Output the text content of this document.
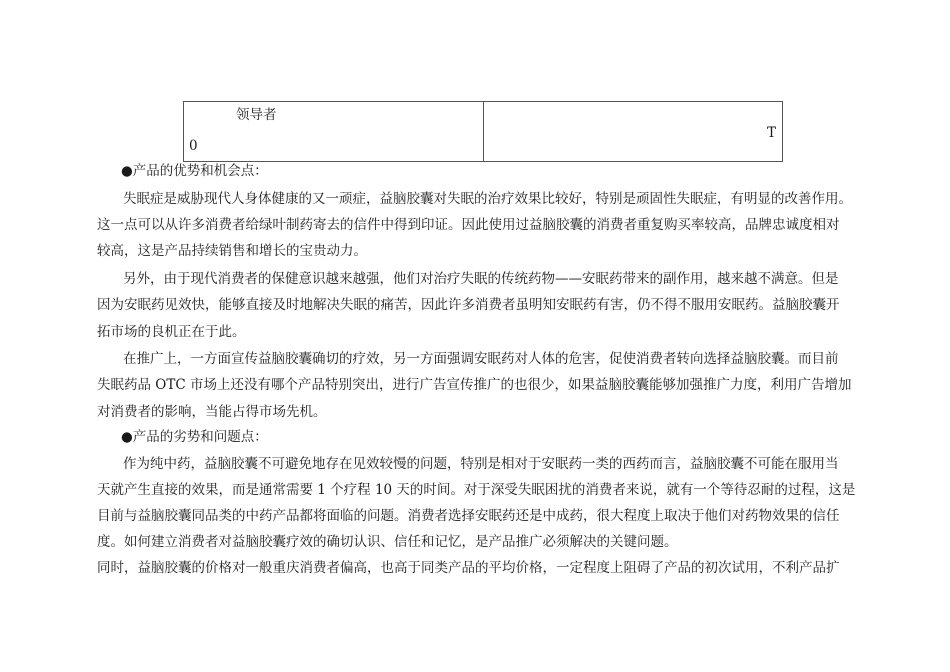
领导者
0
T
● 产品的优势和机会点：
失眠症是威胁现代人身体健康的又一顽症，益脑胶囊对失眠的治疗效果比较好，特别是顽固性失眠症，有明显的改善作用。
这一点可以从许多消费者给绿叶制药寄去的信件中得到印证。因此使用过益脑胶囊的消费者重复购买率较高，品牌忠诚度相对
较高，这是产品持续销售和增长的宝贵动力。
另外，由于现代消费者的保健意识越来越强，他们对治疗失眠的传统药物——安眠药带来的副作用，越来越不满意。但是
因为安眠药见效快，能够直接及时地解决失眠的痛苦，因此许多消费者虽明知安眠药有害，仍不得不服用安眠药。益脑胶囊开
拓市场的良机正在于此。
在推广上，一方面宣传益脑胶囊确切的疗效，另一方面强调安眠药对人体的危害，促使消费者转向选择益脑胶囊。而目前
失眠药品 OTC 市场上还没有哪个产品特别突出，进行广告宣传推广的也很少，如果益脑胶囊能够加强推广力度，利用广告增加
对消费者的影响，当能占得市场先机。
● 产品的劣势和问题点：
作为纯中药，益脑胶囊不可避免地存在见效较慢的问题，特别是相对于安眠药一类的西药而言，益脑胶囊不可能在服用当
天就产生直接的效果，而是通常需要 1 个疗程 10 天的时间。对于深受失眠困扰的消费者来说，就有一个等待忍耐的过程，这是
目前与益脑胶囊同品类的中药产品都将面临的问题。消费者选择安眠药还是中成药，很大程度上取决于他们对药物效果的信任
度。如何建立消费者对益脑胶囊疗效的确切认识、信任和记忆，是产品推广必须解决的关键问题。
同时，益脑胶囊的价格对一般重庆消费者偏高，也高于同类产品的平均价格，一定程度上阻碍了产品的初次试用，不利产品扩
